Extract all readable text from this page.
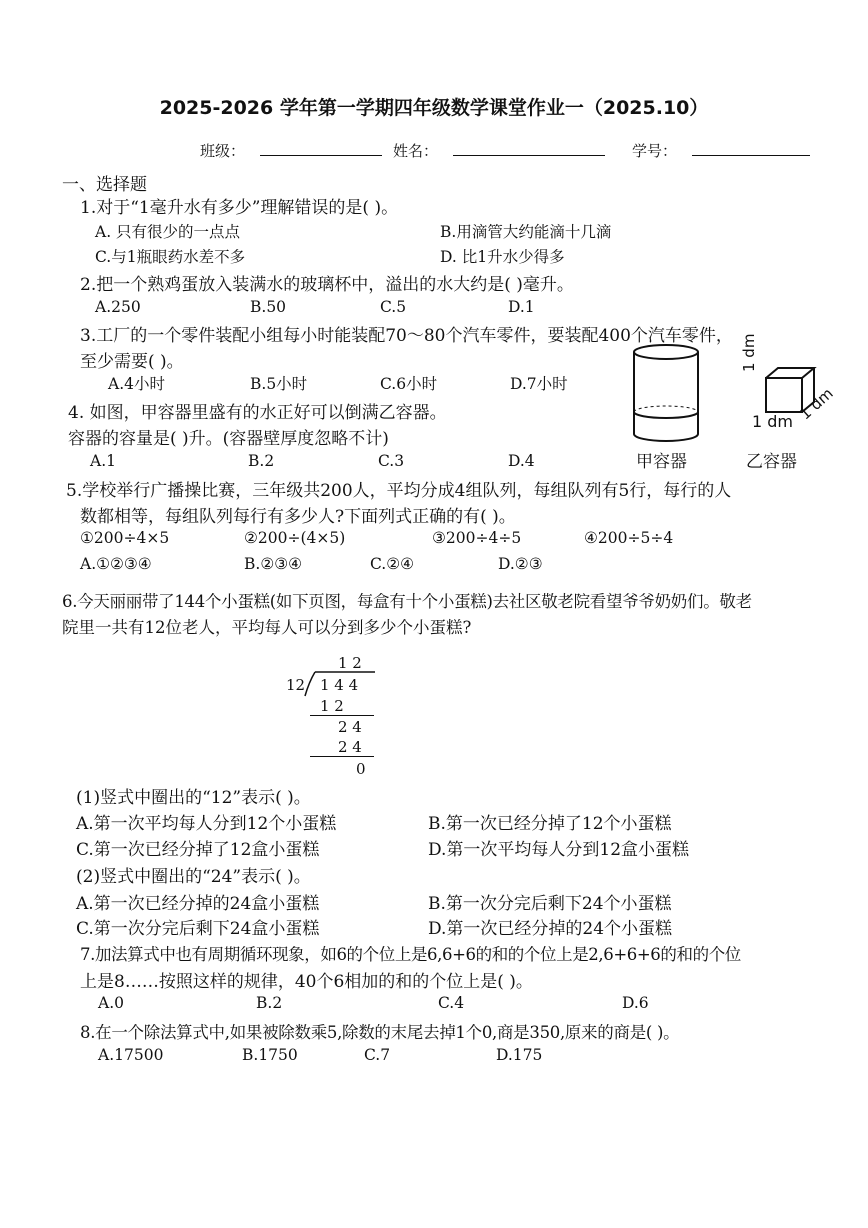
2025-2026 学年第一学期四年级数学课堂作业一（2025.10）
班级：	姓名：	学号：
一、选择题
1.对于“1毫升水有多少”理解错误的是( )。
A. 只有很少的一点点	B.用滴管大约能滴十几滴
C.与1瓶眼药水差不多	D. 比1升水少得多
2.把一个熟鸡蛋放入装满水的玻璃杯中，溢出的水大约是( )毫升。
A.250	B.50	C.5	D.1
3.工厂的一个零件装配小组每小时能装配70～80个汽车零件，要装配400个汽车零件，
至少需要( )。
A.4小时	B.5小时	C.6小时	D.7小时
4. 如图，甲容器里盛有的水正好可以倒满乙容器。
容器的容量是( )升。(容器壁厚度忽略不计)
A.1	B.2	C.3	D.4	甲容器
1 dm
1 dm 1 dm
乙容器
5.学校举行广播操比赛，三年级共200人，平均分成4组队列，每组队列有5行，每行的人
数都相等，每组队列每行有多少人?下面列式正确的有( )。
①200÷4×5	②200÷(4×5)	③200÷4÷5	④200÷5÷4
A.①②③④	B.②③④	C.②④	D.②③
6.今天丽丽带了144个小蛋糕(如下页图，每盒有十个小蛋糕)去社区敬老院看望爷爷奶奶们。敬老
院里一共有12位老人，平均每人可以分到多少个小蛋糕?
1 2
12 1 4 4
1 2
2 4
2 4
0
(1)竖式中圈出的“12”表示( )。
A.第一次平均每人分到12个小蛋糕	B.第一次已经分掉了12个小蛋糕
C.第一次已经分掉了12盒小蛋糕	D.第一次平均每人分到12盒小蛋糕
(2)竖式中圈出的“24”表示( )。
A.第一次已经分掉的24盒小蛋糕	B.第一次分完后剩下24个小蛋糕
C.第一次分完后剩下24盒小蛋糕	D.第一次已经分掉的24个小蛋糕
7.加法算式中也有周期循环现象，如6的个位上是6,6+6的和的个位上是2,6+6+6的和的个位
上是8……按照这样的规律，40个6相加的和的个位上是( )。
A.0	B.2	C.4	D.6
8.在一个除法算式中,如果被除数乘5,除数的末尾去掉1个0,商是350,原来的商是( )。
A.17500	B.1750	C.7	D.175
